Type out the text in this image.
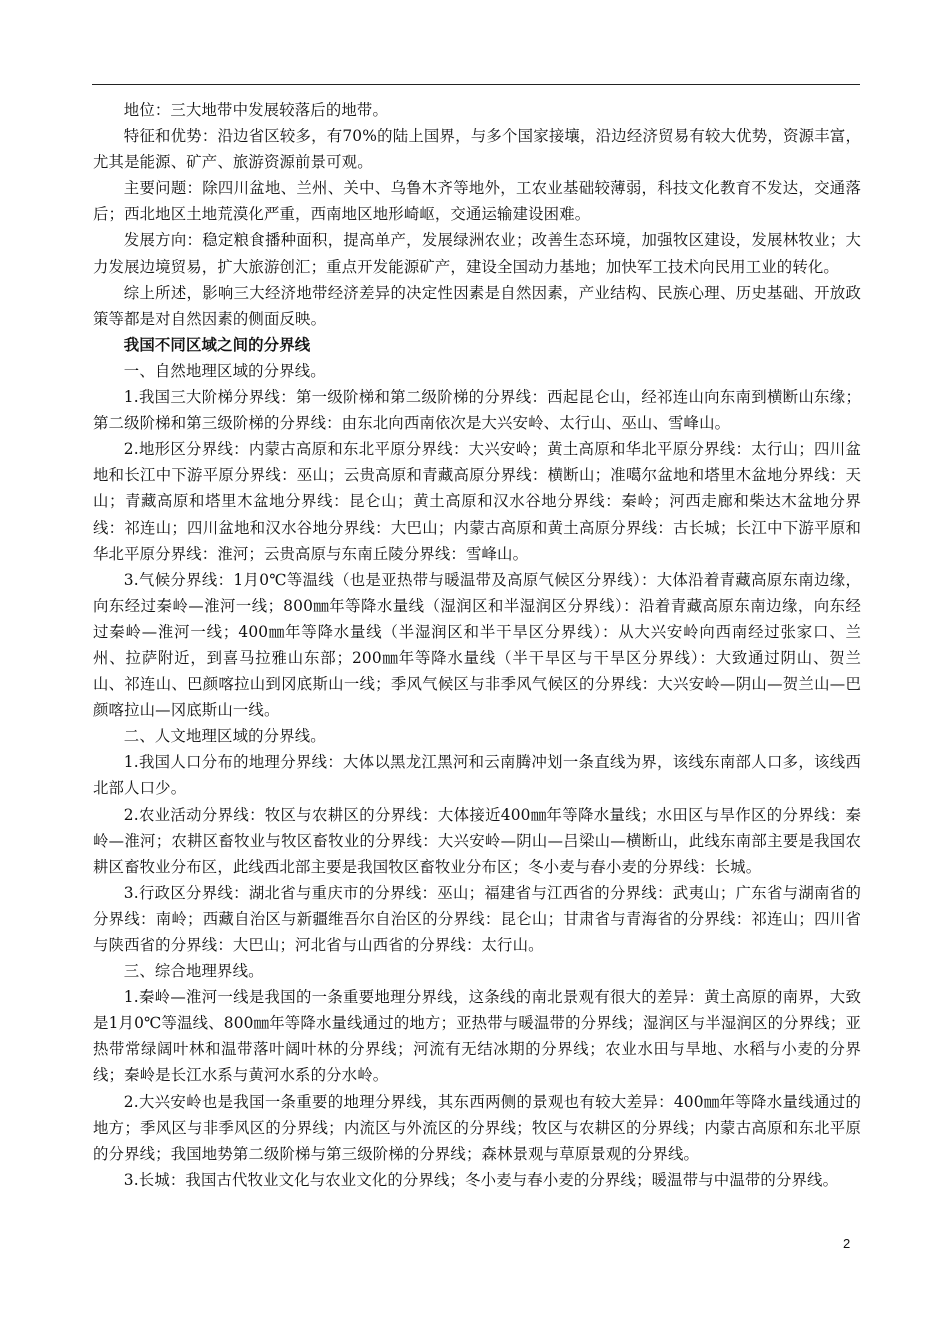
地位：三大地带中发展较落后的地带。

特征和优势：沿边省区较多，有70%的陆上国界，与多个国家接壤，沿边经济贸易有较大优势，资源丰富，尤其是能源、矿产、旅游资源前景可观。

主要问题：除四川盆地、兰州、关中、乌鲁木齐等地外，工农业基础较薄弱，科技文化教育不发达，交通落后；西北地区土地荒漠化严重，西南地区地形崎岖，交通运输建设困难。

发展方向：稳定粮食播种面积，提高单产，发展绿洲农业；改善生态环境，加强牧区建设，发展林牧业；大力发展边境贸易，扩大旅游创汇；重点开发能源矿产，建设全国动力基地；加快军工技术向民用工业的转化。

综上所述，影响三大经济地带经济差异的决定性因素是自然因素，产业结构、民族心理、历史基础、开放政策等都是对自然因素的侧面反映。

我国不同区域之间的分界线

一、自然地理区域的分界线。

1.我国三大阶梯分界线：第一级阶梯和第二级阶梯的分界线：西起昆仑山，经祁连山向东南到横断山东缘；第二级阶梯和第三级阶梯的分界线：由东北向西南依次是大兴安岭、太行山、巫山、雪峰山。

2.地形区分界线：内蒙古高原和东北平原分界线：大兴安岭；黄土高原和华北平原分界线：太行山；四川盆地和长江中下游平原分界线：巫山；云贵高原和青藏高原分界线：横断山；准噶尔盆地和塔里木盆地分界线：天山；青藏高原和塔里木盆地分界线：昆仑山；黄土高原和汉水谷地分界线：秦岭；河西走廊和柴达木盆地分界线：祁连山；四川盆地和汉水谷地分界线：大巴山；内蒙古高原和黄土高原分界线：古长城；长江中下游平原和华北平原分界线：淮河；云贵高原与东南丘陵分界线：雪峰山。

3.气候分界线：1月0℃等温线（也是亚热带与暖温带及高原气候区分界线）：大体沿着青藏高原东南边缘，向东经过秦岭—淮河一线；800㎜年等降水量线（湿润区和半湿润区分界线）：沿着青藏高原东南边缘，向东经过秦岭—淮河一线；400㎜年等降水量线（半湿润区和半干旱区分界线）：从大兴安岭向西南经过张家口、兰州、拉萨附近，到喜马拉雅山东部；200㎜年等降水量线（半干旱区与干旱区分界线）：大致通过阴山、贺兰山、祁连山、巴颜喀拉山到冈底斯山一线；季风气候区与非季风气候区的分界线：大兴安岭—阴山—贺兰山—巴颜喀拉山—冈底斯山一线。

二、人文地理区域的分界线。

1.我国人口分布的地理分界线：大体以黑龙江黑河和云南腾冲划一条直线为界，该线东南部人口多，该线西北部人口少。

2.农业活动分界线：牧区与农耕区的分界线：大体接近400㎜年等降水量线；水田区与旱作区的分界线：秦岭—淮河；农耕区畜牧业与牧区畜牧业的分界线：大兴安岭—阴山—吕梁山—横断山，此线东南部主要是我国农耕区畜牧业分布区，此线西北部主要是我国牧区畜牧业分布区；冬小麦与春小麦的分界线：长城。

3.行政区分界线：湖北省与重庆市的分界线：巫山；福建省与江西省的分界线：武夷山；广东省与湖南省的分界线：南岭；西藏自治区与新疆维吾尔自治区的分界线：昆仑山；甘肃省与青海省的分界线：祁连山；四川省与陕西省的分界线：大巴山；河北省与山西省的分界线：太行山。

三、综合地理界线。

1.秦岭—淮河一线是我国的一条重要地理分界线，这条线的南北景观有很大的差异：黄土高原的南界，大致是1月0℃等温线、800㎜年等降水量线通过的地方；亚热带与暖温带的分界线；湿润区与半湿润区的分界线；亚热带常绿阔叶林和温带落叶阔叶林的分界线；河流有无结冰期的分界线；农业水田与旱地、水稻与小麦的分界线；秦岭是长江水系与黄河水系的分水岭。

2.大兴安岭也是我国一条重要的地理分界线，其东西两侧的景观也有较大差异：400㎜年等降水量线通过的地方；季风区与非季风区的分界线；内流区与外流区的分界线；牧区与农耕区的分界线；内蒙古高原和东北平原的分界线；我国地势第二级阶梯与第三级阶梯的分界线；森林景观与草原景观的分界线。

3.长城：我国古代牧业文化与农业文化的分界线；冬小麦与春小麦的分界线；暖温带与中温带的分界线。

2
